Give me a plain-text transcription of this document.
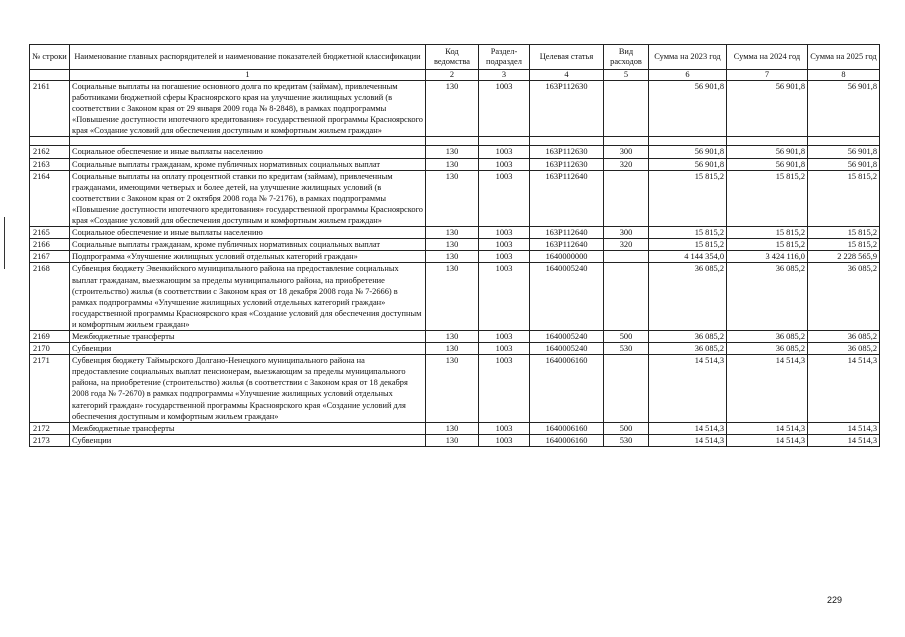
№ строки	Наименование главных распорядителей и наименование показателей бюджетной классификации	Код ведомства	Раздел-подраздел	Целевая статья	Вид расходов	Сумма на 2023 год	Сумма на 2024 год	Сумма на 2025 год
	1	2	3	4	5	6	7	8
2161	Социальные выплаты на погашение основного долга по кредитам (займам), привлеченным работниками бюджетной сферы Красноярского края на улучшение жилищных условий (в соответствии с Законом края от 29 января 2009 года № 8-2848), в рамках подпрограммы «Повышение доступности ипотечного кредитования» государственной программы Красноярского края «Создание условий для обеспечения доступным и комфортным жильем граждан»	130	1003	163P112630		56 901,8	56 901,8	56 901,8

2162	Социальное обеспечение и иные выплаты населению	130	1003	163P112630	300	56 901,8	56 901,8	56 901,8
2163	Социальные выплаты гражданам, кроме публичных нормативных социальных выплат	130	1003	163P112630	320	56 901,8	56 901,8	56 901,8
2164	Социальные выплаты на оплату процентной ставки по кредитам (займам), привлеченным гражданами, имеющими четверых и более детей, на улучшение жилищных условий (в соответствии с Законом края от 2 октября 2008 года № 7-2176), в рамках подпрограммы «Повышение доступности ипотечного кредитования» государственной программы Красноярского края «Создание условий для обеспечения доступным и комфортным жильем граждан»	130	1003	163P112640		15 815,2	15 815,2	15 815,2
2165	Социальное обеспечение и иные выплаты населению	130	1003	163P112640	300	15 815,2	15 815,2	15 815,2
2166	Социальные выплаты гражданам, кроме публичных нормативных социальных выплат	130	1003	163P112640	320	15 815,2	15 815,2	15 815,2
2167	Подпрограмма «Улучшение жилищных условий отдельных категорий граждан»	130	1003	1640000000		4 144 354,0	3 424 116,0	2 228 565,9
2168	Субвенция бюджету Эвенкийского муниципального района на предоставление социальных выплат гражданам, выезжающим за пределы муниципального района, на приобретение (строительство) жилья (в соответствии с Законом края от 18 декабря 2008 года № 7-2666) в рамках подпрограммы «Улучшение жилищных условий отдельных категорий граждан» государственной программы Красноярского края «Создание условий для обеспечения доступным и комфортным жильем граждан»	130	1003	1640005240		36 085,2	36 085,2	36 085,2
2169	Межбюджетные трансферты	130	1003	1640005240	500	36 085,2	36 085,2	36 085,2
2170	Субвенции	130	1003	1640005240	530	36 085,2	36 085,2	36 085,2
2171	Субвенция бюджету Таймырского Долгано-Ненецкого муниципального района на предоставление социальных выплат пенсионерам, выезжающим за пределы муниципального района, на приобретение (строительство) жилья (в соответствии с Законом края от 18 декабря 2008 года № 7-2670) в рамках подпрограммы «Улучшение жилищных условий отдельных категорий граждан» государственной программы Красноярского края «Создание условий для обеспечения доступным и комфортным жильем граждан»	130	1003	1640006160		14 514,3	14 514,3	14 514,3
2172	Межбюджетные трансферты	130	1003	1640006160	500	14 514,3	14 514,3	14 514,3
2173	Субвенции	130	1003	1640006160	530	14 514,3	14 514,3	14 514,3
229
